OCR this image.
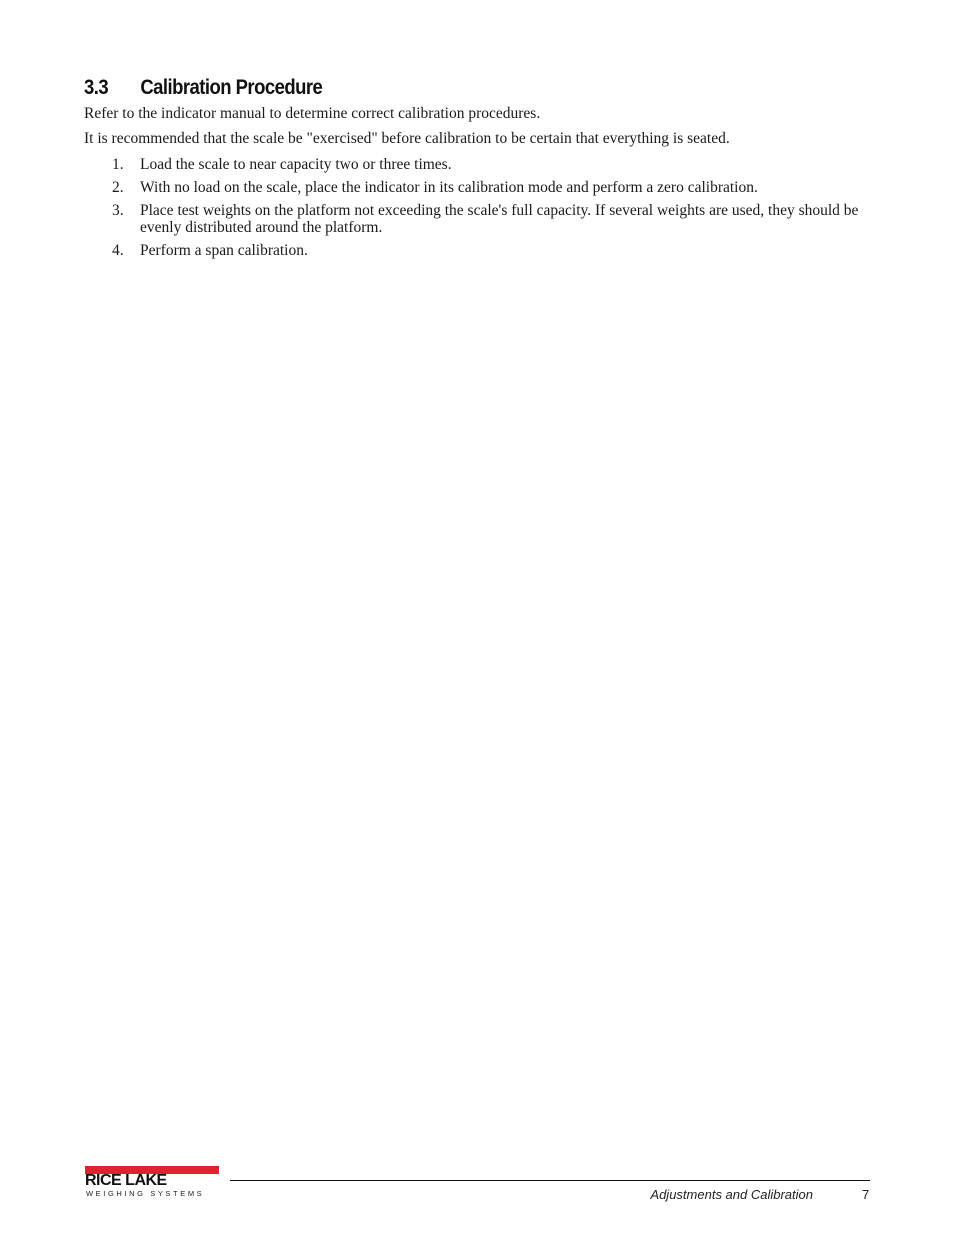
3.3 Calibration Procedure

Refer to the indicator manual to determine correct calibration procedures.

It is recommended that the scale be "exercised" before calibration to be certain that everything is seated.

1. Load the scale to near capacity two or three times.
2. With no load on the scale, place the indicator in its calibration mode and perform a zero calibration.
3. Place test weights on the platform not exceeding the scale's full capacity. If several weights are used, they should be evenly distributed around the platform.
4. Perform a span calibration.
RICE LAKE
WEIGHING SYSTEMS	Adjustments and Calibration	7
